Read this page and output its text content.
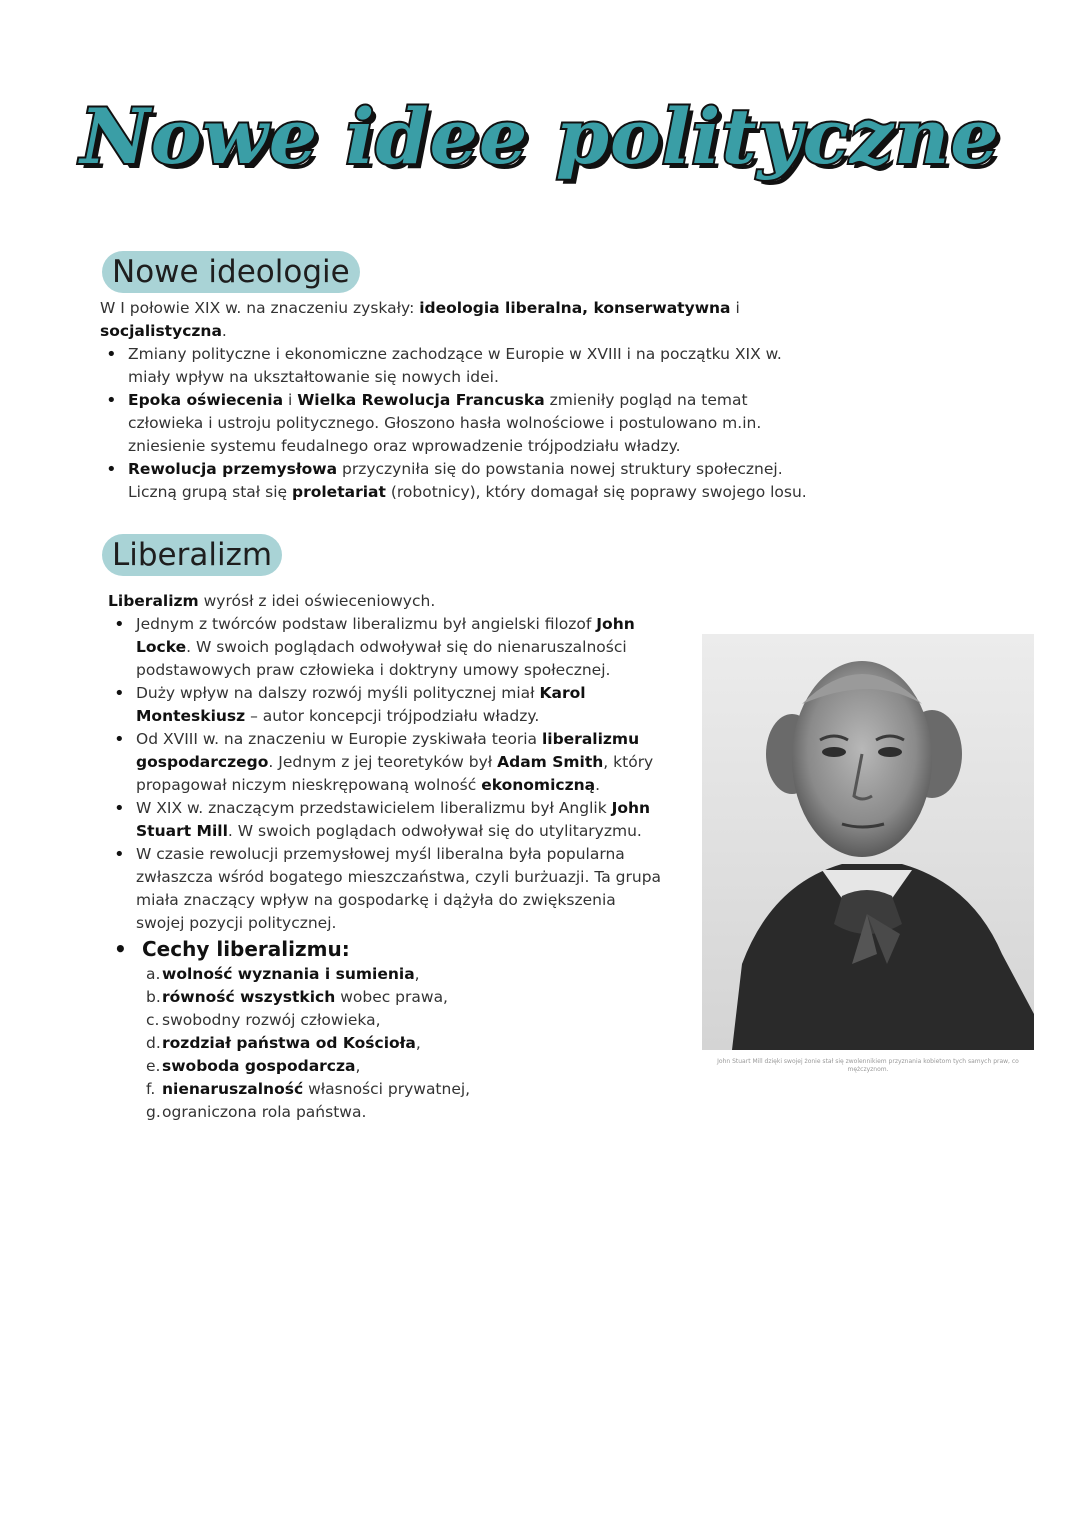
Nowe idee polityczne
Nowe ideologie
W I połowie XIX w. na znaczeniu zyskały: ideologia liberalna, konserwatywna i socjalistyczna.
• Zmiany polityczne i ekonomiczne zachodzące w Europie w XVIII i na początku XIX w. miały wpływ na ukształtowanie się nowych idei.
• Epoka oświecenia i Wielka Rewolucja Francuska zmieniły pogląd na temat człowieka i ustroju politycznego. Głoszono hasła wolnościowe i postulowano m.in. zniesienie systemu feudalnego oraz wprowadzenie trójpodziału władzy.
• Rewolucja przemysłowa przyczyniła się do powstania nowej struktury społecznej. Liczną grupą stał się proletariat (robotnicy), który domagał się poprawy swojego losu.
Liberalizm
Liberalizm wyrósł z idei oświeceniowych.
• Jednym z twórców podstaw liberalizmu był angielski filozof John Locke. W swoich poglądach odwoływał się do nienaruszalności podstawowych praw człowieka i doktryny umowy społecznej.
• Duży wpływ na dalszy rozwój myśli politycznej miał Karol Monteskiusz – autor koncepcji trójpodziału władzy.
• Od XVIII w. na znaczeniu w Europie zyskiwała teoria liberalizmu gospodarczego. Jednym z jej teoretyków był Adam Smith, który propagował niczym nieskrępowaną wolność ekonomiczną.
• W XIX w. znaczącym przedstawicielem liberalizmu był Anglik John Stuart Mill. W swoich poglądach odwoływał się do utylitaryzmu.
• W czasie rewolucji przemysłowej myśl liberalna była popularna zwłaszcza wśród bogatego mieszczaństwa, czyli burżuazji. Ta grupa miała znaczący wpływ na gospodarkę i dążyła do zwiększenia swojej pozycji politycznej.
• Cechy liberalizmu:
a. wolność wyznania i sumienia,
b.równość wszystkich wobec prawa,
c. swobodny rozwój człowieka,
d.rozdział państwa od Kościoła,
e.swoboda gospodarcza,
f. nienaruszalność własności prywatnej,
g.ograniczona rola państwa.
John Stuart Mill dzięki swojej żonie stał się zwolennikiem przyznania kobietom tych samych praw, co mężczyznom.
